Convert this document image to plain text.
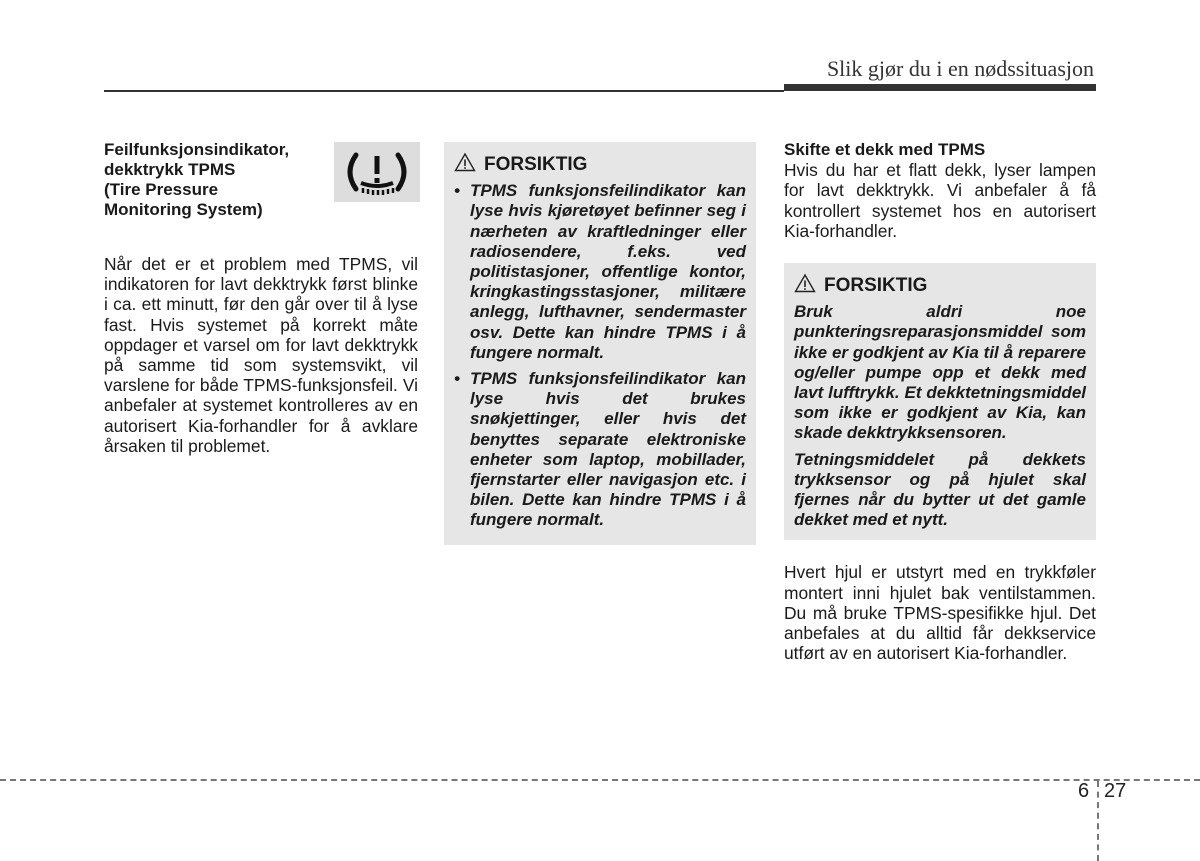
Slik gjør du i en nødssituasjon
Feilfunksjonsindikator,
dekktrykk TPMS
(Tire Pressure
Monitoring System)
Når det er et problem med TPMS, vil indikatoren for lavt dekktrykk først blinke i ca. ett minutt, før den går over til å lyse fast. Hvis systemet på korrekt måte oppdager et varsel om for lavt dekktrykk på samme tid som systemsvikt, vil varslene for både TPMS-funksjonsfeil. Vi anbefaler at systemet kontrolleres av en autorisert Kia-forhandler for å avklare årsaken til problemet.
FORSIKTIG
• TPMS funksjonsfeilindikator kan lyse hvis kjøretøyet befinner seg i nærheten av kraftledninger eller radiosendere, f.eks. ved politistasjoner, offentlige kontor, kringkastingsstasjoner, militære anlegg, lufthavner, sendermaster osv. Dette kan hindre TPMS i å fungere normalt.
• TPMS funksjonsfeilindikator kan lyse hvis det brukes snøkjettinger, eller hvis det benyttes separate elektroniske enheter som laptop, mobillader, fjernstarter eller navigasjon etc. i bilen. Dette kan hindre TPMS i å fungere normalt.
Skifte et dekk med TPMS
Hvis du har et flatt dekk, lyser lampen for lavt dekktrykk. Vi anbefaler å få kontrollert systemet hos en autorisert Kia-forhandler.
FORSIKTIG
Bruk aldri noe punkteringsreparasjonsmiddel som ikke er godkjent av Kia til å reparere og/eller pumpe opp et dekk med lavt lufftrykk. Et dekktetningsmiddel som ikke er godkjent av Kia, kan skade dekktrykksensoren.
Tetningsmiddelet på dekkets trykksensor og på hjulet skal fjernes når du bytter ut det gamle dekket med et nytt.
Hvert hjul er utstyrt med en trykkføler montert inni hjulet bak ventilstammen. Du må bruke TPMS-spesifikke hjul. Det anbefales at du alltid får dekkservice utført av en autorisert Kia-forhandler.
6 27
